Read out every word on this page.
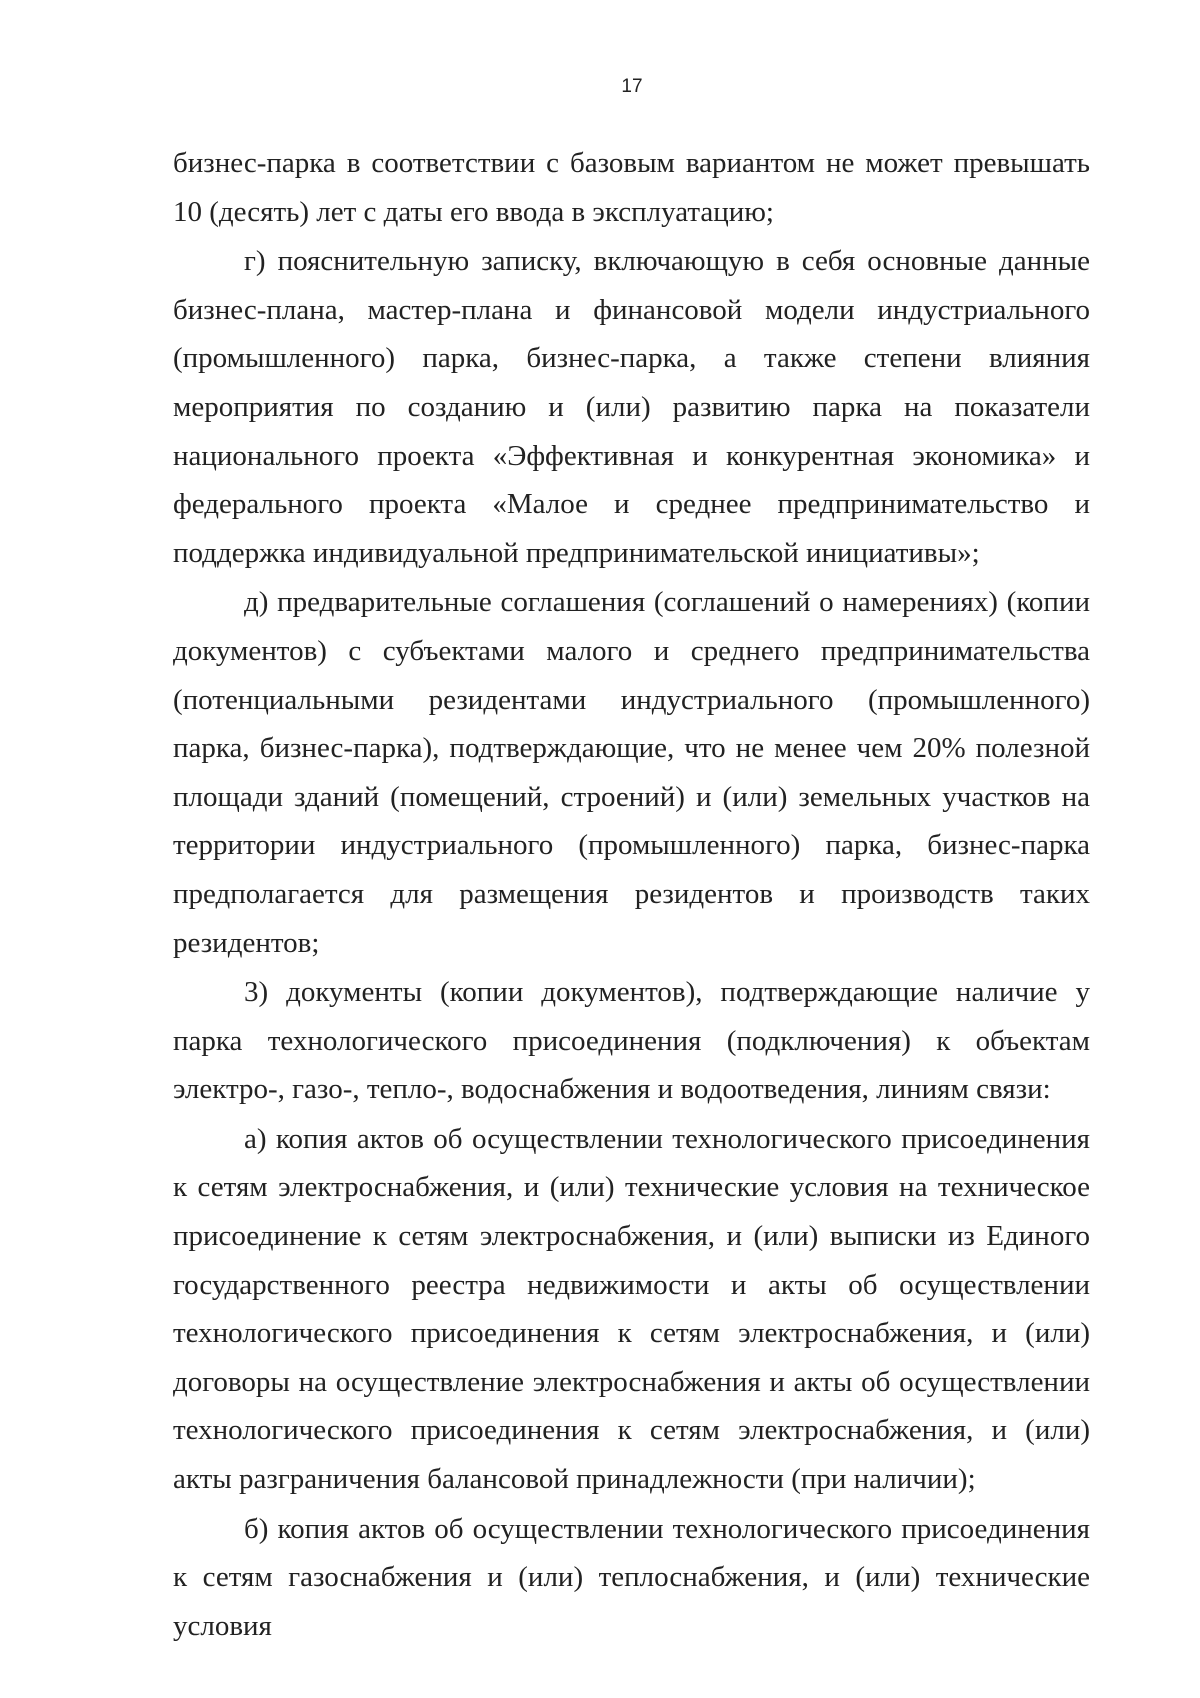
17

бизнес-парка в соответствии с базовым вариантом не может превышать 10 (десять) лет с даты его ввода в эксплуатацию;

г) пояснительную записку, включающую в себя основные данные бизнес-плана, мастер-плана и финансовой модели индустриального (промышленного) парка, бизнес-парка, а также степени влияния мероприятия по созданию и (или) развитию парка на показатели национального проекта «Эффективная и конкурентная экономика» и федерального проекта «Малое и среднее предпринимательство и поддержка индивидуальной предпринимательской инициативы»;

д) предварительные соглашения (соглашений о намерениях) (копии документов) с субъектами малого и среднего предпринимательства (потенциальными резидентами индустриального (промышленного) парка, бизнес-парка), подтверждающие, что не менее чем 20% полезной площади зданий (помещений, строений) и (или) земельных участков на территории индустриального (промышленного) парка, бизнес-парка предполагается для размещения резидентов и производств таких резидентов;

3) документы (копии документов), подтверждающие наличие у парка технологического присоединения (подключения) к объектам электро-, газо-, тепло-, водоснабжения и водоотведения, линиям связи:

а) копия актов об осуществлении технологического присоединения к сетям электроснабжения, и (или) технические условия на техническое присоединение к сетям электроснабжения, и (или) выписки из Единого государственного реестра недвижимости и акты об осуществлении технологического присоединения к сетям электроснабжения, и (или) договоры на осуществление электроснабжения и акты об осуществлении технологического присоединения к сетям электроснабжения, и (или) акты разграничения балансовой принадлежности (при наличии);

б) копия актов об осуществлении технологического присоединения к сетям газоснабжения и (или) теплоснабжения, и (или) технические условия
